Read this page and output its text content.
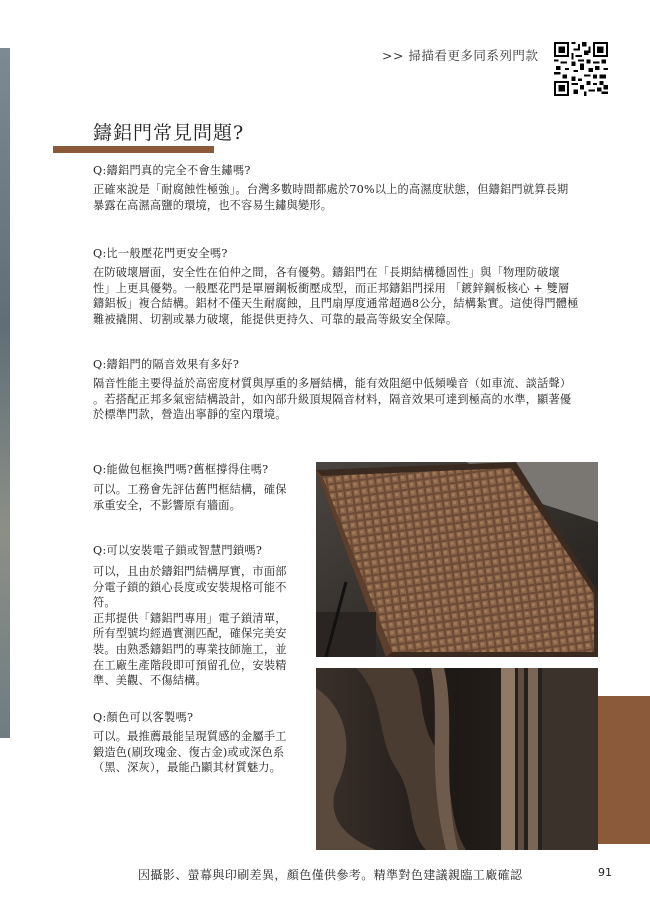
>> 掃描看更多同系列門款
鑄鋁門常見問題?
Q:鑄鋁門真的完全不會生鏽嗎?
正確來說是「耐腐蝕性極強」。台灣多數時間都處於70%以上的高濕度狀態，但鑄鋁門就算長期
暴露在高濕高鹽的環境，也不容易生鏽與變形。
Q:比一般壓花門更安全嗎?
在防破壞層面，安全性在伯仲之間，各有優勢。鑄鋁門在「長期結構穩固性」與「物理防破壞
性」上更具優勢。一般壓花門是單層鋼板衝壓成型，而正邦鑄鋁門採用 「鍍鋅鋼板核心 + 雙層
鑄鋁板」複合結構。鋁材不僅天生耐腐蝕，且門扇厚度通常超過8公分，結構紮實。這使得門體極
難被撬開、切割或暴力破壞，能提供更持久、可靠的最高等級安全保障。
Q:鑄鋁門的隔音效果有多好?
隔音性能主要得益於高密度材質與厚重的多層結構，能有效阻絕中低頻噪音（如車流、談話聲）
。若搭配正邦多氣密結構設計，如內部升級頂規隔音材料，隔音效果可達到極高的水準，顯著優
於標準門款，營造出寧靜的室內環境。
Q:能做包框換門嗎?舊框撐得住嗎?
可以。工務會先評估舊門框結構，確保
承重安全，不影響原有牆面。
Q:可以安裝電子鎖或智慧門鎖嗎?
可以，且由於鑄鋁門結構厚實，市面部
分電子鎖的鎖心長度或安裝規格可能不
符。
正邦提供「鑄鋁門專用」電子鎖清單，
所有型號均經過實測匹配，確保完美安
裝。由熟悉鑄鋁門的專業技師施工，並
在工廠生產階段即可預留孔位，安裝精
準、美觀、不傷結構。
Q:顏色可以客製嗎?
可以。最推薦最能呈現質感的金屬手工
鍛造色(刷玫瑰金、復古金)或或深色系
（黑、深灰），最能凸顯其材質魅力。
因攝影、螢幕與印刷差異，顏色僅供參考。精準對色建議親臨工廠確認	91
